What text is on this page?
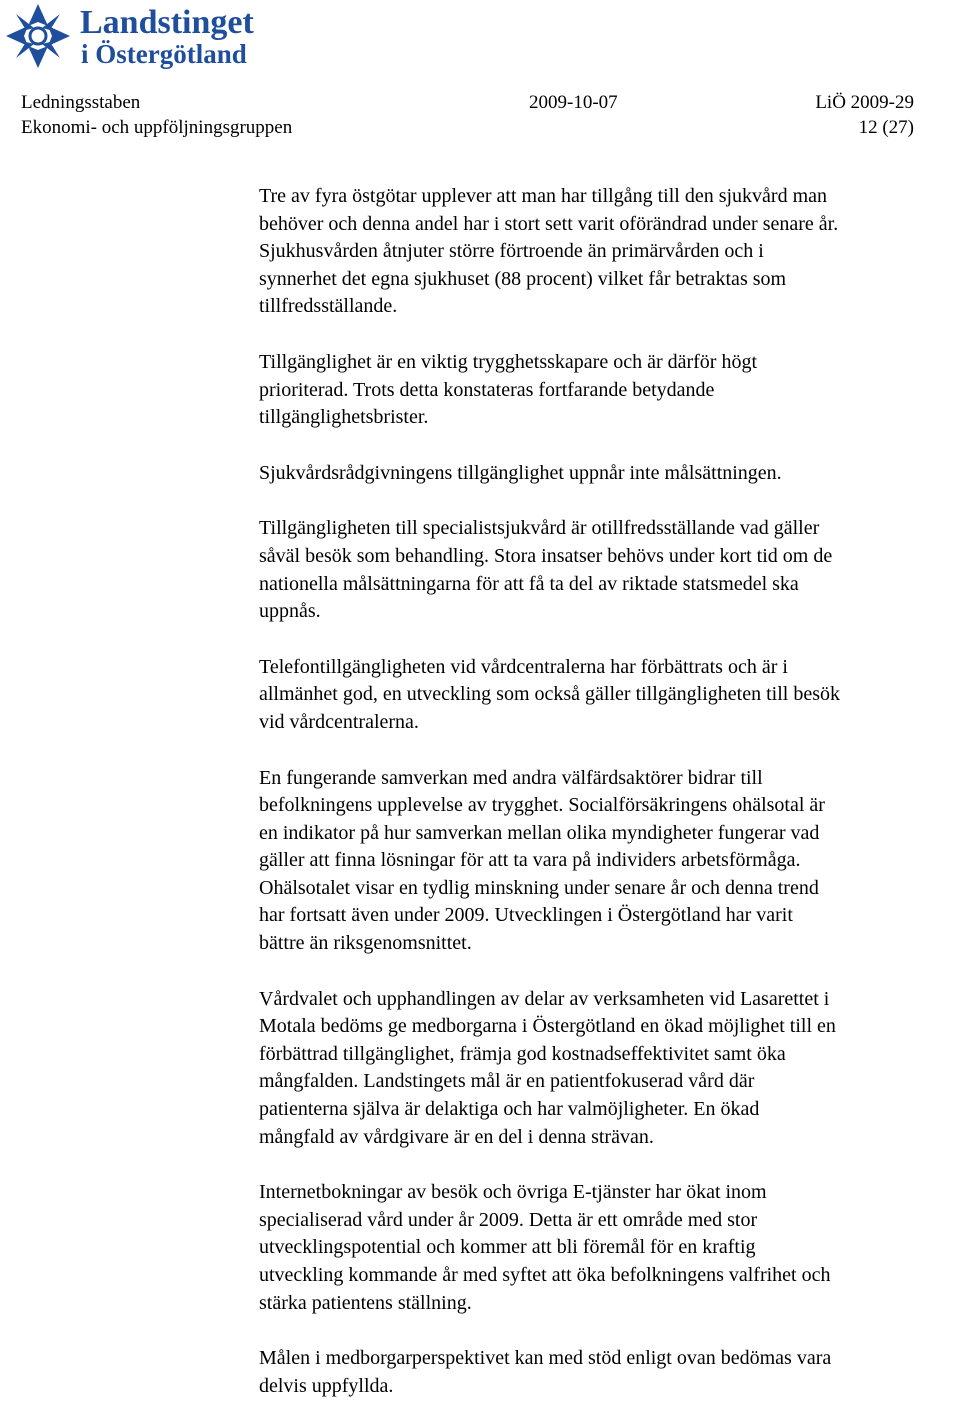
Landstinget
i Östergötland
Ledningsstaben
Ekonomi- och uppföljningsgruppen
2009-10-07	LiÖ 2009-29
12 (27)

Tre av fyra östgötar upplever att man har tillgång till den sjukvård man
behöver och denna andel har i stort sett varit oförändrad under senare år.
Sjukhusvården åtnjuter större förtroende än primärvården och i
synnerhet det egna sjukhuset (88 procent) vilket får betraktas som
tillfredsställande.

Tillgänglighet är en viktig trygghetsskapare och är därför högt
prioriterad. Trots detta konstateras fortfarande betydande
tillgänglighetsbrister.

Sjukvårdsrådgivningens tillgänglighet uppnår inte målsättningen.

Tillgängligheten till specialistsjukvård är otillfredsställande vad gäller
såväl besök som behandling. Stora insatser behövs under kort tid om de
nationella målsättningarna för att få ta del av riktade statsmedel ska
uppnås.

Telefontillgängligheten vid vårdcentralerna har förbättrats och är i
allmänhet god, en utveckling som också gäller tillgängligheten till besök
vid vårdcentralerna.

En fungerande samverkan med andra välfärdsaktörer bidrar till
befolkningens upplevelse av trygghet. Socialförsäkringens ohälsotal är
en indikator på hur samverkan mellan olika myndigheter fungerar vad
gäller att finna lösningar för att ta vara på individers arbetsförmåga.
Ohälsotalet visar en tydlig minskning under senare år och denna trend
har fortsatt även under 2009. Utvecklingen i Östergötland har varit
bättre än riksgenomsnittet.

Vårdvalet och upphandlingen av delar av verksamheten vid Lasarettet i
Motala bedöms ge medborgarna i Östergötland en ökad möjlighet till en
förbättrad tillgänglighet, främja god kostnadseffektivitet samt öka
mångfalden. Landstingets mål är en patientfokuserad vård där
patienterna själva är delaktiga och har valmöjligheter. En ökad
mångfald av vårdgivare är en del i denna strävan.

Internetbokningar av besök och övriga E-tjänster har ökat inom
specialiserad vård under år 2009. Detta är ett område med stor
utvecklingspotential och kommer att bli föremål för en kraftig
utveckling kommande år med syftet att öka befolkningens valfrihet och
stärka patientens ställning.

Målen i medborgarperspektivet kan med stöd enligt ovan bedömas vara
delvis uppfyllda.
